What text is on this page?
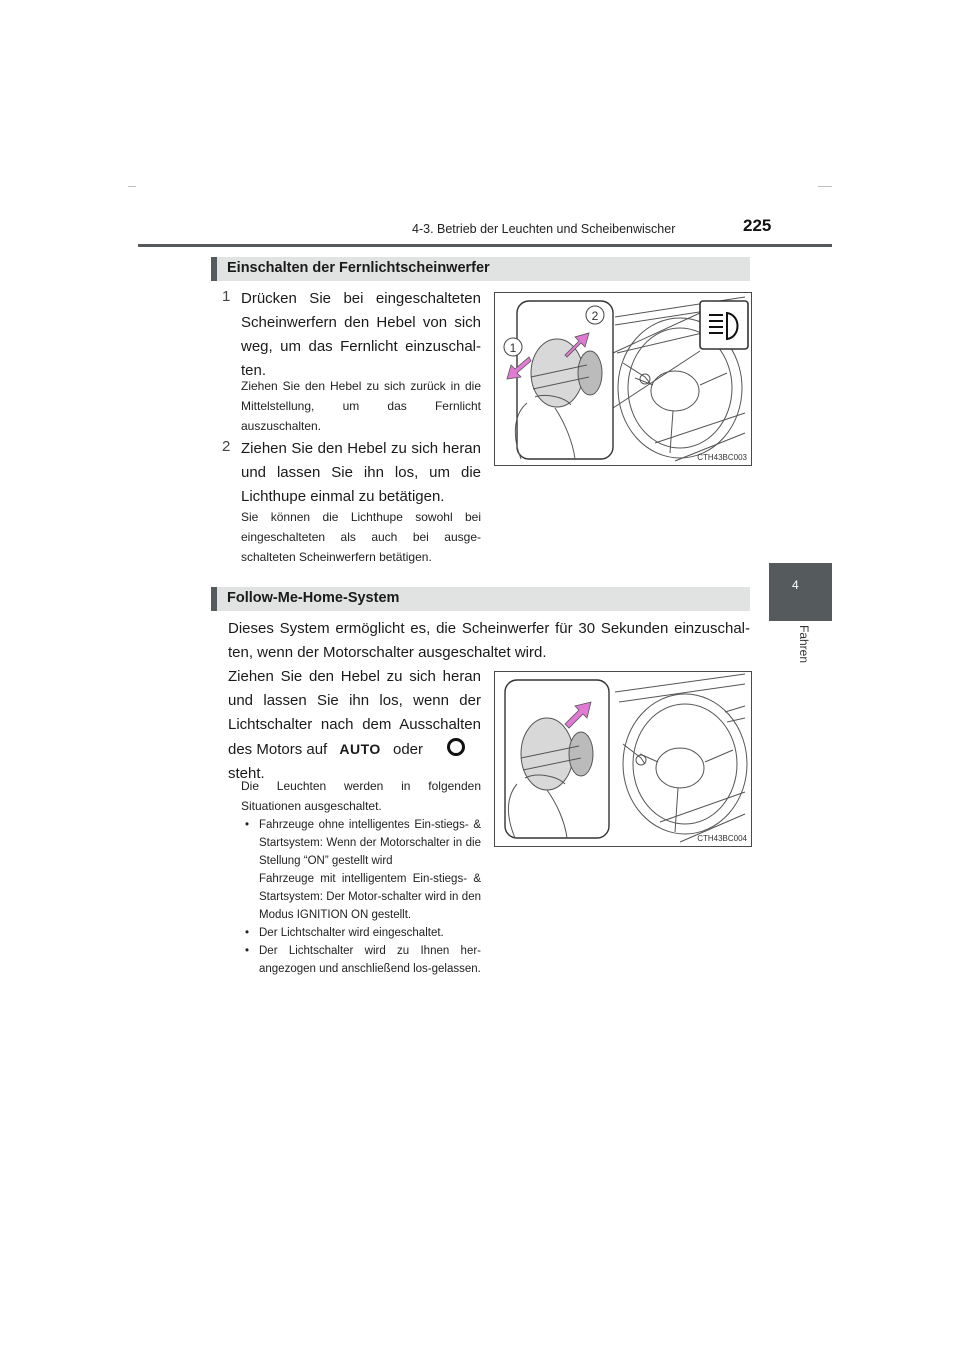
4-3. Betrieb der Leuchten und Scheibenwischer	225
4
Fahren
Einschalten der Fernlichtscheinwerfer
1 Drücken Sie bei eingeschalteten Scheinwerfern den Hebel von sich weg, um das Fernlicht einzuschal-ten.
Ziehen Sie den Hebel zu sich zurück in die Mittelstellung, um das Fernlicht auszuschalten.
2 Ziehen Sie den Hebel zu sich heran und lassen Sie ihn los, um die Lichthupe einmal zu betätigen.
Sie können die Lichthupe sowohl bei eingeschalteten als auch bei ausge-schalteten Scheinwerfern betätigen.
2
1
CTH43BC003
Follow-Me-Home-System
Dieses System ermöglicht es, die Scheinwerfer für 30 Sekunden einzuschal-ten, wenn der Motorschalter ausgeschaltet wird.
Ziehen Sie den Hebel zu sich heran und lassen Sie ihn los, wenn der Lichtschalter nach dem Ausschalten des Motors auf AUTO oder
steht.
Die Leuchten werden in folgenden Situationen ausgeschaltet.
• Fahrzeuge ohne intelligentes Ein-stiegs- & Startsystem: Wenn der Motorschalter in die Stellung “ON” gestellt wird
Fahrzeuge mit intelligentem Ein-stiegs- & Startsystem: Der Motor-schalter wird in den Modus IGNITION ON gestellt.
• Der Lichtschalter wird eingeschaltet.
• Der Lichtschalter wird zu Ihnen her-angezogen und anschließend los-gelassen.
CTH43BC004
